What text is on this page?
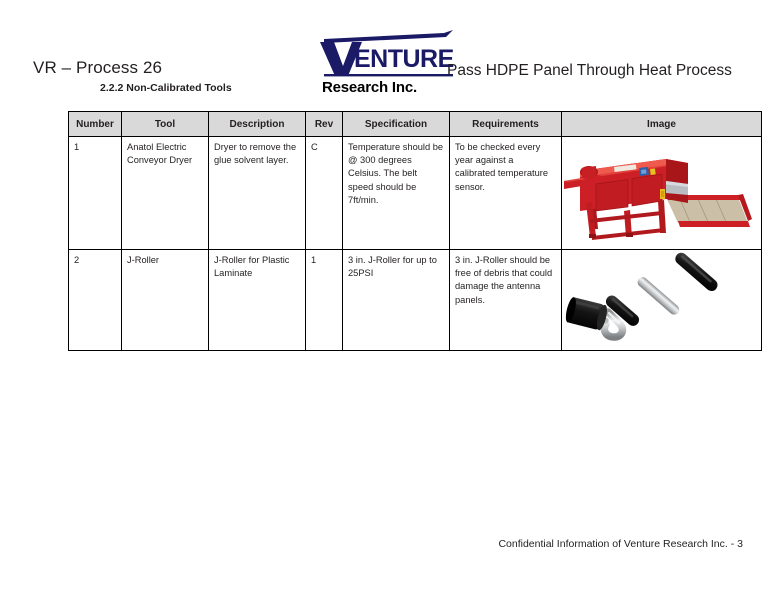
VR – Process 26
2.2.2 Non-Calibrated Tools
ENTURE
Research Inc.
Pass HDPE Panel Through Heat Process
Number	Tool	Description	Rev	Specification	Requirements	Image
1	Anatol Electric Conveyor Dryer	Dryer to remove the glue solvent layer.	C	Temperature should be @ 300 degrees Celsius. The belt speed should be 7ft/min.	To be checked every year against a calibrated temperature sensor.	

2	J-Roller	J-Roller for Plastic Laminate	1	3 in. J-Roller for up to 25PSI	3 in. J-Roller should be free of debris that could damage the antenna panels.	
Confidential Information of Venture Research Inc. - 3
